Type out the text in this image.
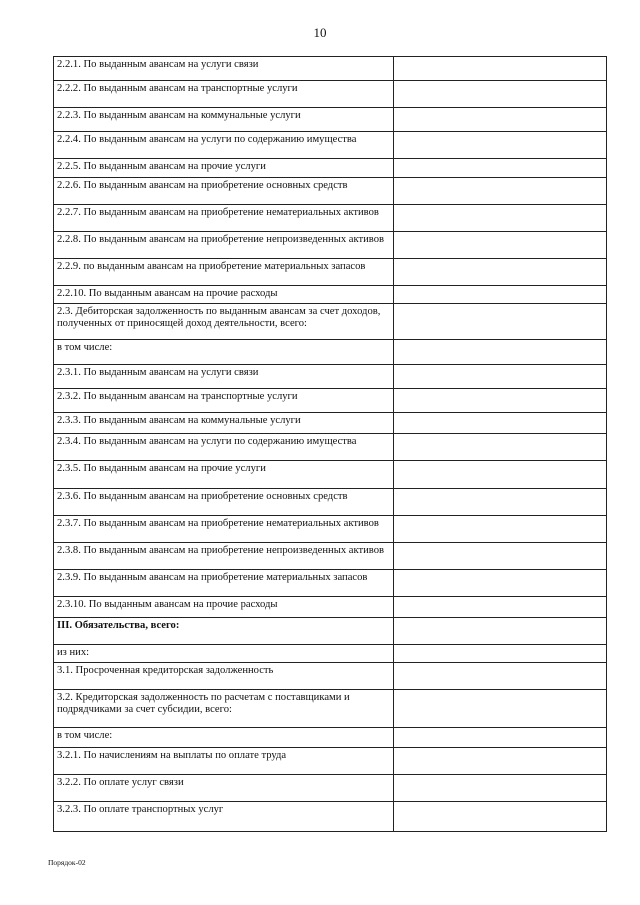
10
2.2.1. По выданным авансам на услуги связи	
2.2.2. По выданным авансам на транспортные услуги	
2.2.3. По выданным авансам на коммунальные услуги	
2.2.4. По выданным авансам на услуги по содержанию имущества	
2.2.5. По выданным авансам на прочие услуги	
2.2.6. По выданным авансам на приобретение основных средств	
2.2.7. По выданным авансам на приобретение нематериальных активов	
2.2.8. По выданным авансам на приобретение непроизведенных активов	
2.2.9. по выданным авансам на приобретение материальных запасов	
2.2.10. По выданным авансам на прочие расходы	
2.3. Дебиторская задолженность по выданным авансам за счет доходов, полученных от приносящей доход деятельности, всего:	
в том числе:	
2.3.1. По выданным авансам на услуги связи	
2.3.2. По выданным авансам на транспортные услуги	
2.3.3. По выданным авансам на коммунальные услуги	
2.3.4. По выданным авансам на услуги по содержанию имущества	
2.3.5. По выданным авансам на прочие услуги	
2.3.6. По выданным авансам на приобретение основных средств	
2.3.7. По выданным авансам на приобретение нематериальных активов	
2.3.8. По выданным авансам на приобретение непроизведенных активов	
2.3.9. По выданным авансам на приобретение материальных запасов	
2.3.10. По выданным авансам на прочие расходы	
III. Обязательства, всего:	
из них:	
3.1. Просроченная кредиторская задолженность	
3.2. Кредиторская задолженность по расчетам с поставщиками и подрядчиками за счет субсидии, всего:	
в том числе:	
3.2.1. По начислениям на выплаты по оплате труда	
3.2.2. По оплате услуг связи	
3.2.3. По оплате транспортных услуг	
Порядок-02
